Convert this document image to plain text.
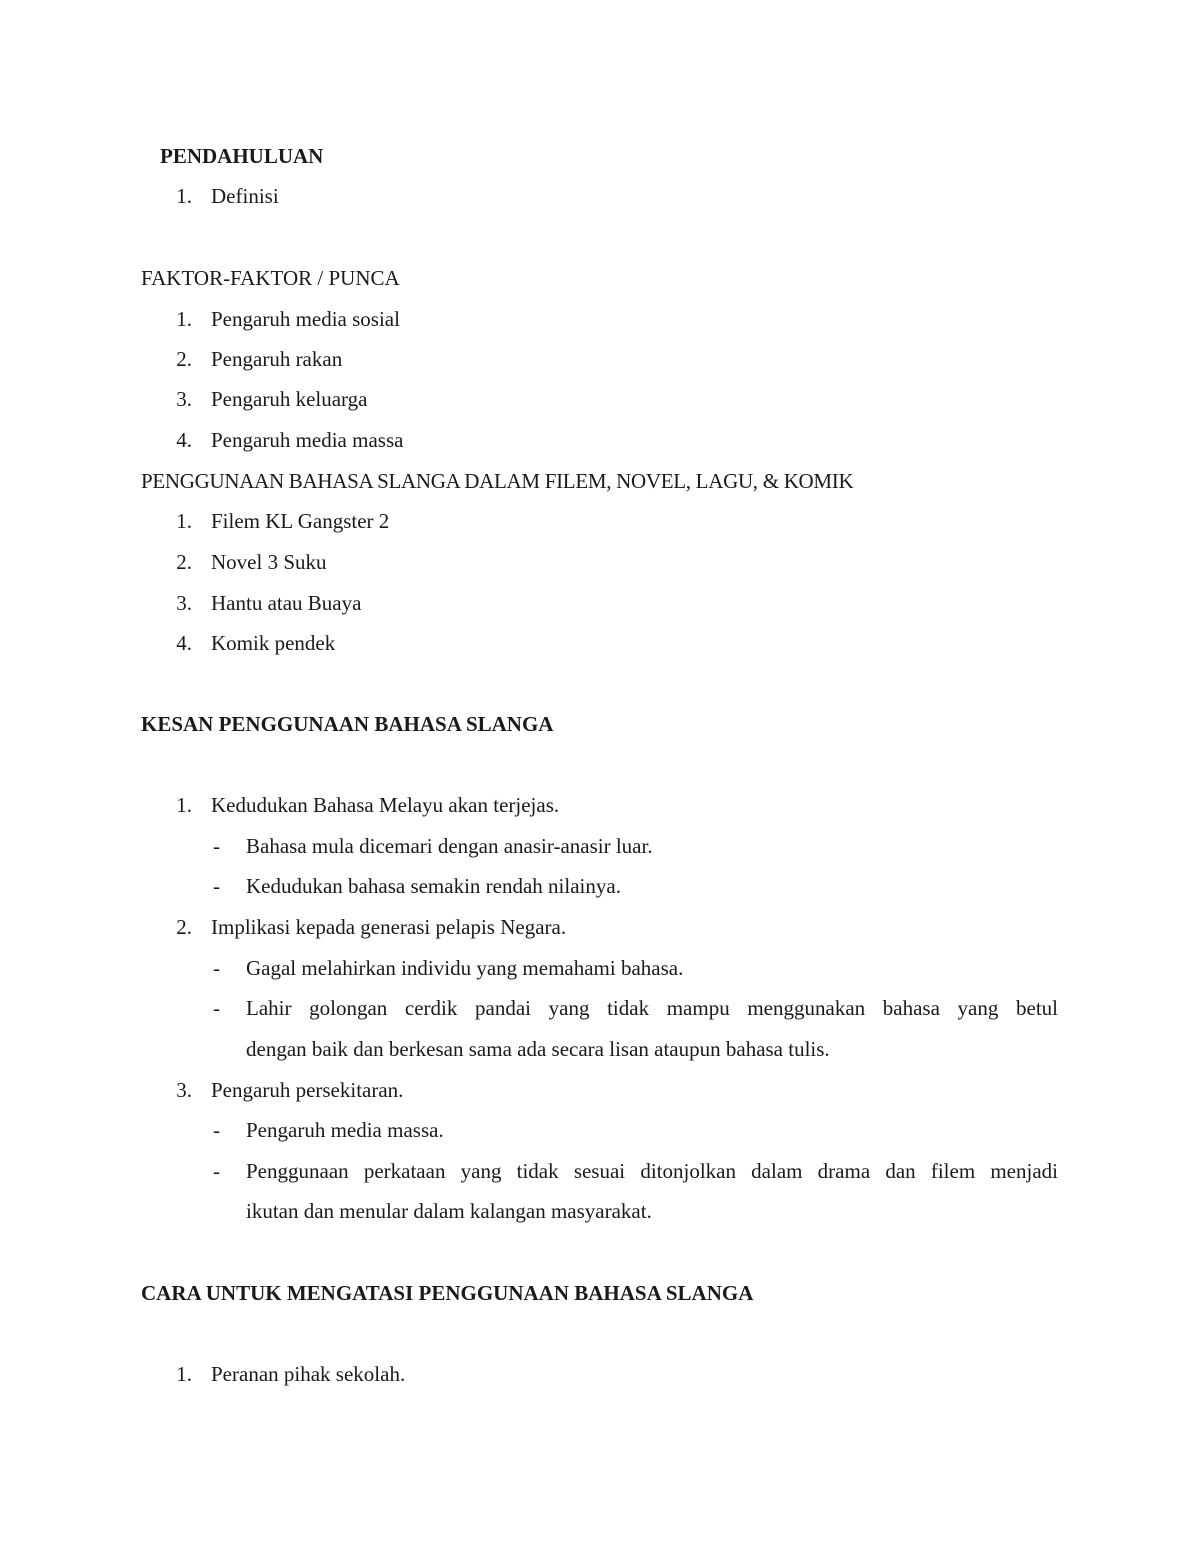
PENDAHULUAN
1. Definisi
FAKTOR-FAKTOR / PUNCA
1. Pengaruh media sosial
2. Pengaruh rakan
3. Pengaruh keluarga
4. Pengaruh media massa
PENGGUNAAN BAHASA SLANGA DALAM FILEM, NOVEL, LAGU, & KOMIK
1. Filem KL Gangster 2
2. Novel 3 Suku
3. Hantu atau Buaya
4. Komik pendek
KESAN PENGGUNAAN BAHASA SLANGA
1. Kedudukan Bahasa Melayu akan terjejas.
- Bahasa mula dicemari dengan anasir-anasir luar.
- Kedudukan bahasa semakin rendah nilainya.
2. Implikasi kepada generasi pelapis Negara.
- Gagal melahirkan individu yang memahami bahasa.
- Lahir golongan cerdik pandai yang tidak mampu menggunakan bahasa yang betul
dengan baik dan berkesan sama ada secara lisan ataupun bahasa tulis.
3. Pengaruh persekitaran.
- Pengaruh media massa.
- Penggunaan perkataan yang tidak sesuai ditonjolkan dalam drama dan filem menjadi
ikutan dan menular dalam kalangan masyarakat.
CARA UNTUK MENGATASI PENGGUNAAN BAHASA SLANGA
1. Peranan pihak sekolah.
